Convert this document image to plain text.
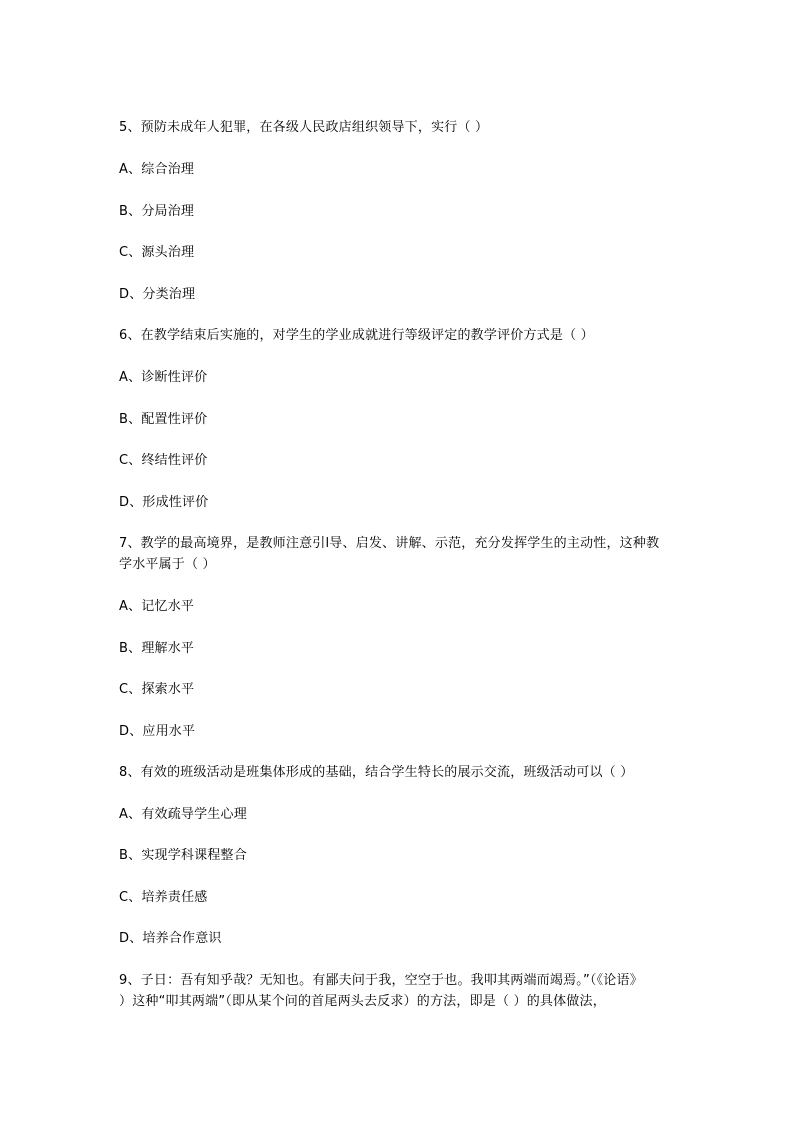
5、预防未成年人犯罪，在各级人民政店组织领导下，实行（ ）
A、综合治理
B、分局治理
C、源头治理
D、分类治理
6、在教学结束后实施的，对学生的学业成就进行等级评定的教学评价方式是（ ）
A、诊断性评价
B、配置性评价
C、终结性评价
D、形成性评价
7、教学的最高境界，是教师注意引l导、启发、讲解、示范，充分发挥学生的主动性，这种教
学水平属于（ ）
A、记忆水平
B、理解水平
C、探索水平
D、应用水平
8、有效的班级活动是班集体形成的基础，结合学生特长的展示交流，班级活动可以（ ）
A、有效疏导学生心理
B、实现学科课程整合
C、培养责任感
D、培养合作意识
9、子日：吾有知乎哉？无知也。有鄙夫问于我，空空于也。我叩其两端而竭焉。”（《论语》
）这种“叩其两端”（即从某个问的首尾两头去反求）的方法，即是（ ）的具体做法，
